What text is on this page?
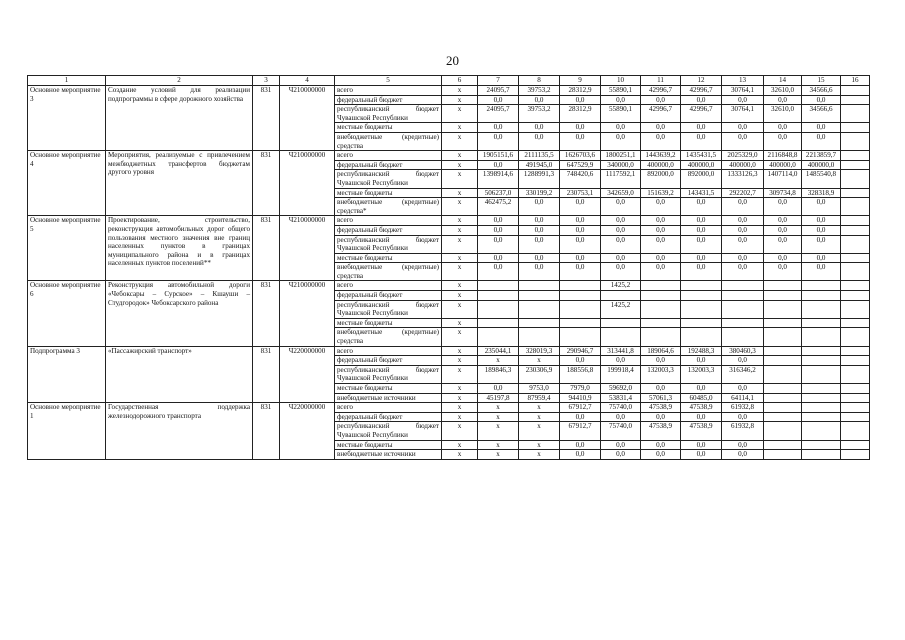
20
1	2	3	4	5	6	7	8	9	10	11	12	13	14	15	16
Основное мероприятие 3	Создание условий для реализации подпрограммы в сфере дорожного хозяйства	831	Ч210000000	всего	x	24095,7	39753,2	28312,9	55890,1	42996,7	42996,7	30764,1	32610,0	34566,6	
				федеральный бюджет	x	0,0	0,0	0,0	0,0	0,0	0,0	0,0	0,0	0,0	
				республиканский бюджет Чувашской Республики	x	24095,7	39753,2	28312,9	55890,1	42996,7	42996,7	30764,1	32610,0	34566,6	
				местные бюджеты	x	0,0	0,0	0,0	0,0	0,0	0,0	0,0	0,0	0,0	
				внебюджетные (кредитные) средства	x	0,0	0,0	0,0	0,0	0,0	0,0	0,0	0,0	0,0	
Основное мероприятие 4	Мероприятия, реализуемые с привлечением межбюджетных трансфертов бюджетам другого уровня	831	Ч210000000	всего	x	1905151,6	2111135,5	1626703,6	1800251,1	1443639,2	1435431,5	2025329,0	2116848,8	2213859,7	
				федеральный бюджет	x	0,0	491945,0	647529,9	340000,0	400000,0	400000,0	400000,0	400000,0	400000,0	
				республиканский бюджет Чувашской Республики	x	1398914,6	1288991,3	748420,6	1117592,1	892000,0	892000,0	1333126,3	1407114,0	1485540,8	
				местные бюджеты	x	506237,0	330199,2	230753,1	342659,0	151639,2	143431,5	292202,7	309734,8	328318,9	
				внебюджетные (кредитные) средства*	x	462475,2	0,0	0,0	0,0	0,0	0,0	0,0	0,0	0,0	
Основное мероприятие 5	Проектирование, строительство, реконструкция автомобильных дорог общего пользования местного значения вне границ населенных пунктов в границах муниципального района и в границах населенных пунктов поселений**	831	Ч210000000	всего	x	0,0	0,0	0,0	0,0	0,0	0,0	0,0	0,0	0,0	
				федеральный бюджет	x	0,0	0,0	0,0	0,0	0,0	0,0	0,0	0,0	0,0	
				республиканский бюджет Чувашской Республики	x	0,0	0,0	0,0	0,0	0,0	0,0	0,0	0,0	0,0	
				местные бюджеты	x	0,0	0,0	0,0	0,0	0,0	0,0	0,0	0,0	0,0	
				внебюджетные (кредитные) средства	x	0,0	0,0	0,0	0,0	0,0	0,0	0,0	0,0	0,0	
Основное мероприятие 6	Реконструкция автомобильной дороги «Чебоксары – Сурское» – Кшауши – Студгородок» Чебоксарского района	831	Ч210000000	всего	x				1425,2						
				федеральный бюджет	x										
				республиканский бюджет Чувашской Республики	x				1425,2						
				местные бюджеты	x										
				внебюджетные (кредитные) средства	x										
Подпрограмма 3	«Пассажирский транспорт»	831	Ч220000000	всего	x	235044,1	328019,3	290946,7	313441,8	189064,6	192488,3	380460,3			
				федеральный бюджет	x	x	x	0,0	0,0	0,0	0,0	0,0			
				республиканский бюджет Чувашской Республики	x	189846,3	230306,9	188556,8	199918,4	132003,3	132003,3	316346,2			
				местные бюджеты	x	0,0	9753,0	7979,0	59692,0	0,0	0,0	0,0			
				внебюджетные источники	x	45197,8	87959,4	94410,9	53831,4	57061,3	60485,0	64114,1			
Основное мероприятие 1	Государственная поддержка железнодорожного транспорта	831	Ч220000000	всего	x	x	x	67912,7	75740,0	47538,9	47538,9	61932,8			
				федеральный бюджет	x	x	x	0,0	0,0	0,0	0,0	0,0			
				республиканский бюджет Чувашской Республики	x	x	x	67912,7	75740,0	47538,9	47538,9	61932,8			
				местные бюджеты	x	x	x	0,0	0,0	0,0	0,0	0,0			
				внебюджетные источники	x	x	x	0,0	0,0	0,0	0,0	0,0			
